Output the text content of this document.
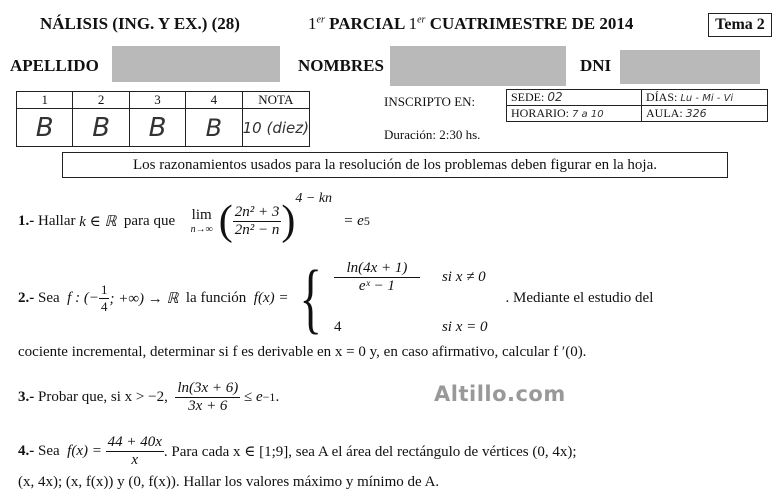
NÁLISIS (ING. Y EX.) (28)	1er PARCIAL 1er CUATRIMESTRE DE 2014	Tema 2
APELLIDO	NOMBRES	DNI
1	2	3	4	NOTA
B	B	B	B	10 (diez)
INSCRIPTO EN:	SEDE: 02	DÍAS: Lu - Mi - Vi
HORARIO: 7 a 10	AULA: 326
Duración: 2:30 hs.
Los razonamientos usados para la resolución de los problemas deben figurar en la hoja.
1.-
Hallar
k ∈ ℝ
para que
lim
n→∞ ( $\frac{\text{2n² + 3}}{\text{2n² − n}}$ ) 4 − kn

= e 5
2.-
Sea
f : (− $\frac{1}{4}$ ; +∞) → ℝ
la función
f(x) = { $\frac{\ln(4x + 1)}{\text{eˣ − 1}}$ si x ≠ 0
4	si x = 0
. Mediante el estudio del
cociente incremental, determinar si f es derivable en x = 0 y, en caso afirmativo, calcular f ′(0).
3.-
Probar que, si x > −2,
$\frac{\ln(3x + 6)}{3x + 6}$
≤ e −1 .	Altillo.com
4.-
Sea
f(x) =
$\frac{44 + 40x}{x}$ . Para cada x ∈ [1;9], sea A el área del rectángulo de vértices (0, 4x);
(x, 4x); (x, f(x)) y (0, f(x)). Hallar los valores máximo y mínimo de A.
